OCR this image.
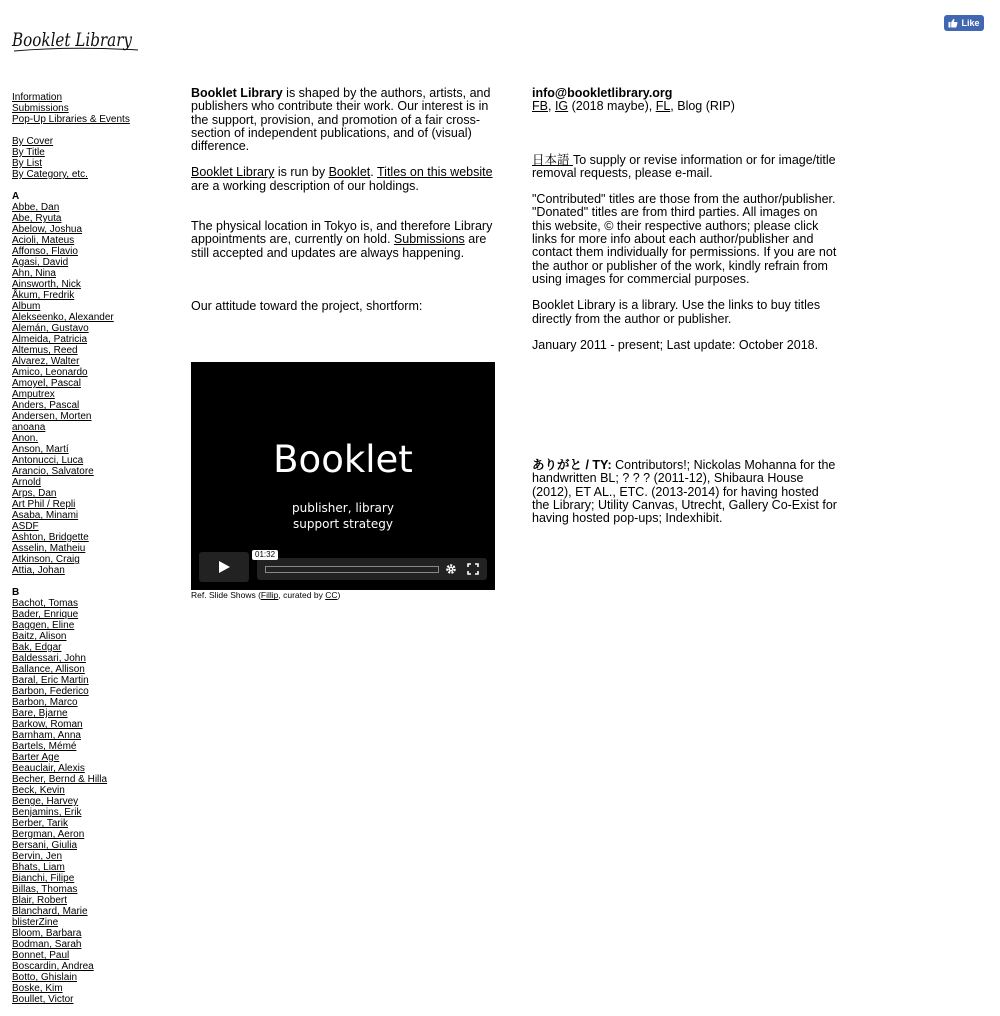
Booklet Library
Like
Information
Submissions
Pop-Up Libraries & Events
By Cover
By Title
By List
By Category, etc.
A
Abbe, Dan
Abe, Ryuta
Abelow, Joshua
Acioli, Mateus
Affonso, Flavio
Agasi, David
Ahn, Nina
Ainsworth, Nick
Åkum, Fredrik
Album
Alekseenko, Alexander
Alemán, Gustavo
Almeida, Patricia
Altemus, Reed
Alvarez, Walter
Amico, Leonardo
Amoyel, Pascal
Amputrex
Anders, Pascal
Andersen, Morten
anoana
Anon.
Anson, Martí
Antonucci, Luca
Arancio, Salvatore
Arnold
Arps, Dan
Art Phil / Repli
Asaba, Minami
ASDF
Ashton, Bridgette
Asselin, Matheiu
Atkinson, Craig
Attia, Johan
B
Bachot, Tomas
Bader, Enrique
Baggen, Eline
Baitz, Alison
Bak, Edgar
Baldessari, John
Ballance, Allison
Baral, Eric Martin
Barbon, Federico
Barbon, Marco
Bare, Bjarne
Barkow, Roman
Barnham, Anna
Bartels, Mémé
Barter Age
Beauclair, Alexis
Becher, Bernd & Hilla
Beck, Kevin
Benge, Harvey
Benjamins, Erik
Berber, Tarik
Bergman, Aeron
Bersani, Giulia
Bervin, Jen
Bhats, Liam
Bianchi, Filipe
Billas, Thomas
Blair, Robert
Blanchard, Marie
blisterZine
Bloom, Barbara
Bodman, Sarah
Bonnet, Paul
Boscardin, Andrea
Botto, Ghislain
Boske, Kim
Boullet, Victor

Booklet Library is shaped by the authors, artists, and publishers who contribute their work. Our interest is in the support, provision, and promotion of a fair cross-section of independent publications, and of (visual) difference.

Booklet Library is run by Booklet. Titles on this website are a working description of our holdings.

The physical location in Tokyo is, and therefore Library appointments are, currently on hold. Submissions are still accepted and updates are always happening.

Our attitude toward the project, shortform:

Booklet
publisher, library
support strategy
01:32

Ref. Slide Shows (Fillip, curated by CC)

info@bookletlibrary.org
FB, IG (2018 maybe), FL, Blog (RIP)

日本語 To supply or revise information or for image/title removal requests, please e-mail.

"Contributed" titles are those from the author/publisher. "Donated" titles are from third parties. All images on this website, © their respective authors; please click links for more info about each author/publisher and contact them individually for permissions. If you are not the author or publisher of the work, kindly refrain from using images for commercial purposes.

Booklet Library is a library. Use the links to buy titles directly from the author or publisher.

January 2011 - present; Last update: October 2018.

ありがと / TY: Contributors!; Nickolas Mohanna for the handwritten BL; ? ? ? (2011-12), Shibaura House (2012), ET AL., ETC. (2013-2014) for having hosted the Library; Utility Canvas, Utrecht, Gallery Co-Exist for having hosted pop-ups; Indexhibit.
